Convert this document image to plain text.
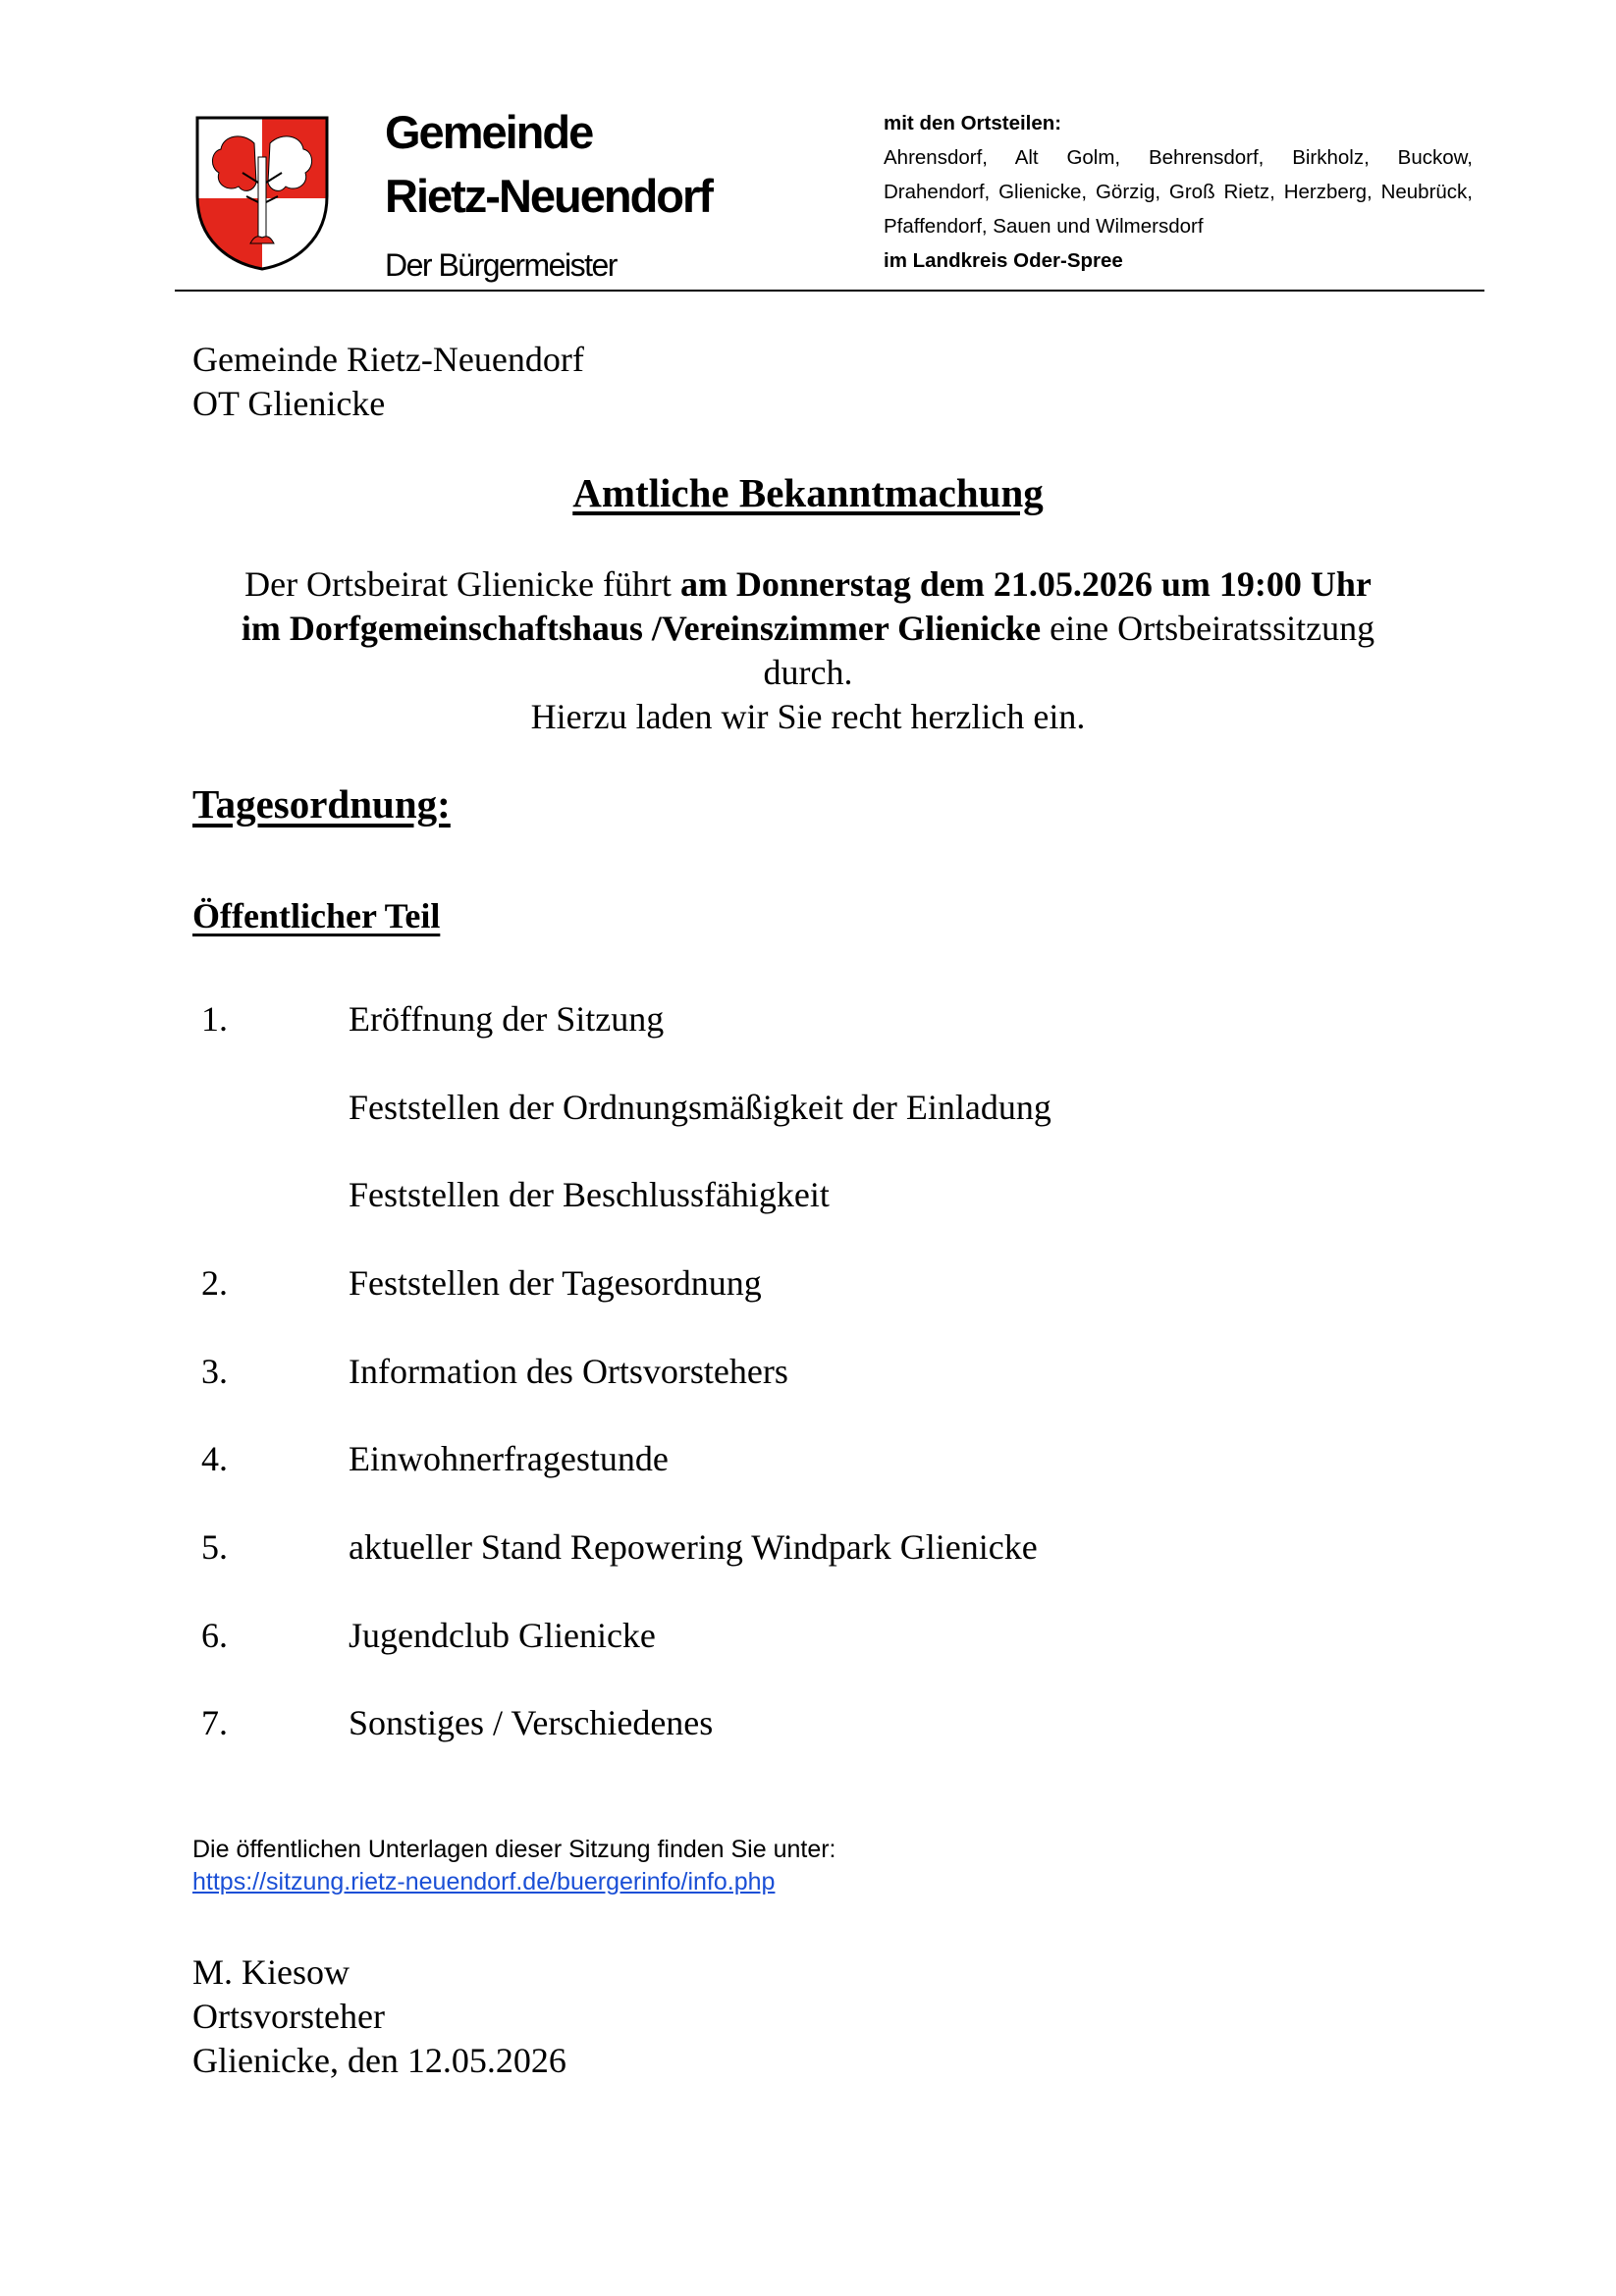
Gemeinde
Rietz-Neuendorf
Der Bürgermeister
mit den Ortsteilen:
Ahrensdorf, Alt Golm, Behrensdorf, Birkholz, Buckow,
Drahendorf, Glienicke, Görzig, Groß Rietz, Herzberg, Neubrück,
Pfaffendorf, Sauen und Wilmersdorf
im Landkreis Oder-Spree
Gemeinde Rietz-Neuendorf
OT Glienicke
Amtliche Bekanntmachung
Der Ortsbeirat Glienicke führt am Donnerstag dem 21.05.2026 um 19:00 Uhr
im Dorfgemeinschaftshaus /Vereinszimmer Glienicke eine Ortsbeiratssitzung
durch.
Hierzu laden wir Sie recht herzlich ein.
Tagesordnung:
Öffentlicher Teil
1.	Eröffnung der Sitzung
Feststellen der Ordnungsmäßigkeit der Einladung
Feststellen der Beschlussfähigkeit
2.	Feststellen der Tagesordnung
3.	Information des Ortsvorstehers
4.	Einwohnerfragestunde
5.	aktueller Stand Repowering Windpark Glienicke
6.	Jugendclub Glienicke
7.	Sonstiges / Verschiedenes
Die öffentlichen Unterlagen dieser Sitzung finden Sie unter:
https://sitzung.rietz-neuendorf.de/buergerinfo/info.php
M. Kiesow
Ortsvorsteher
Glienicke, den 12.05.2026
